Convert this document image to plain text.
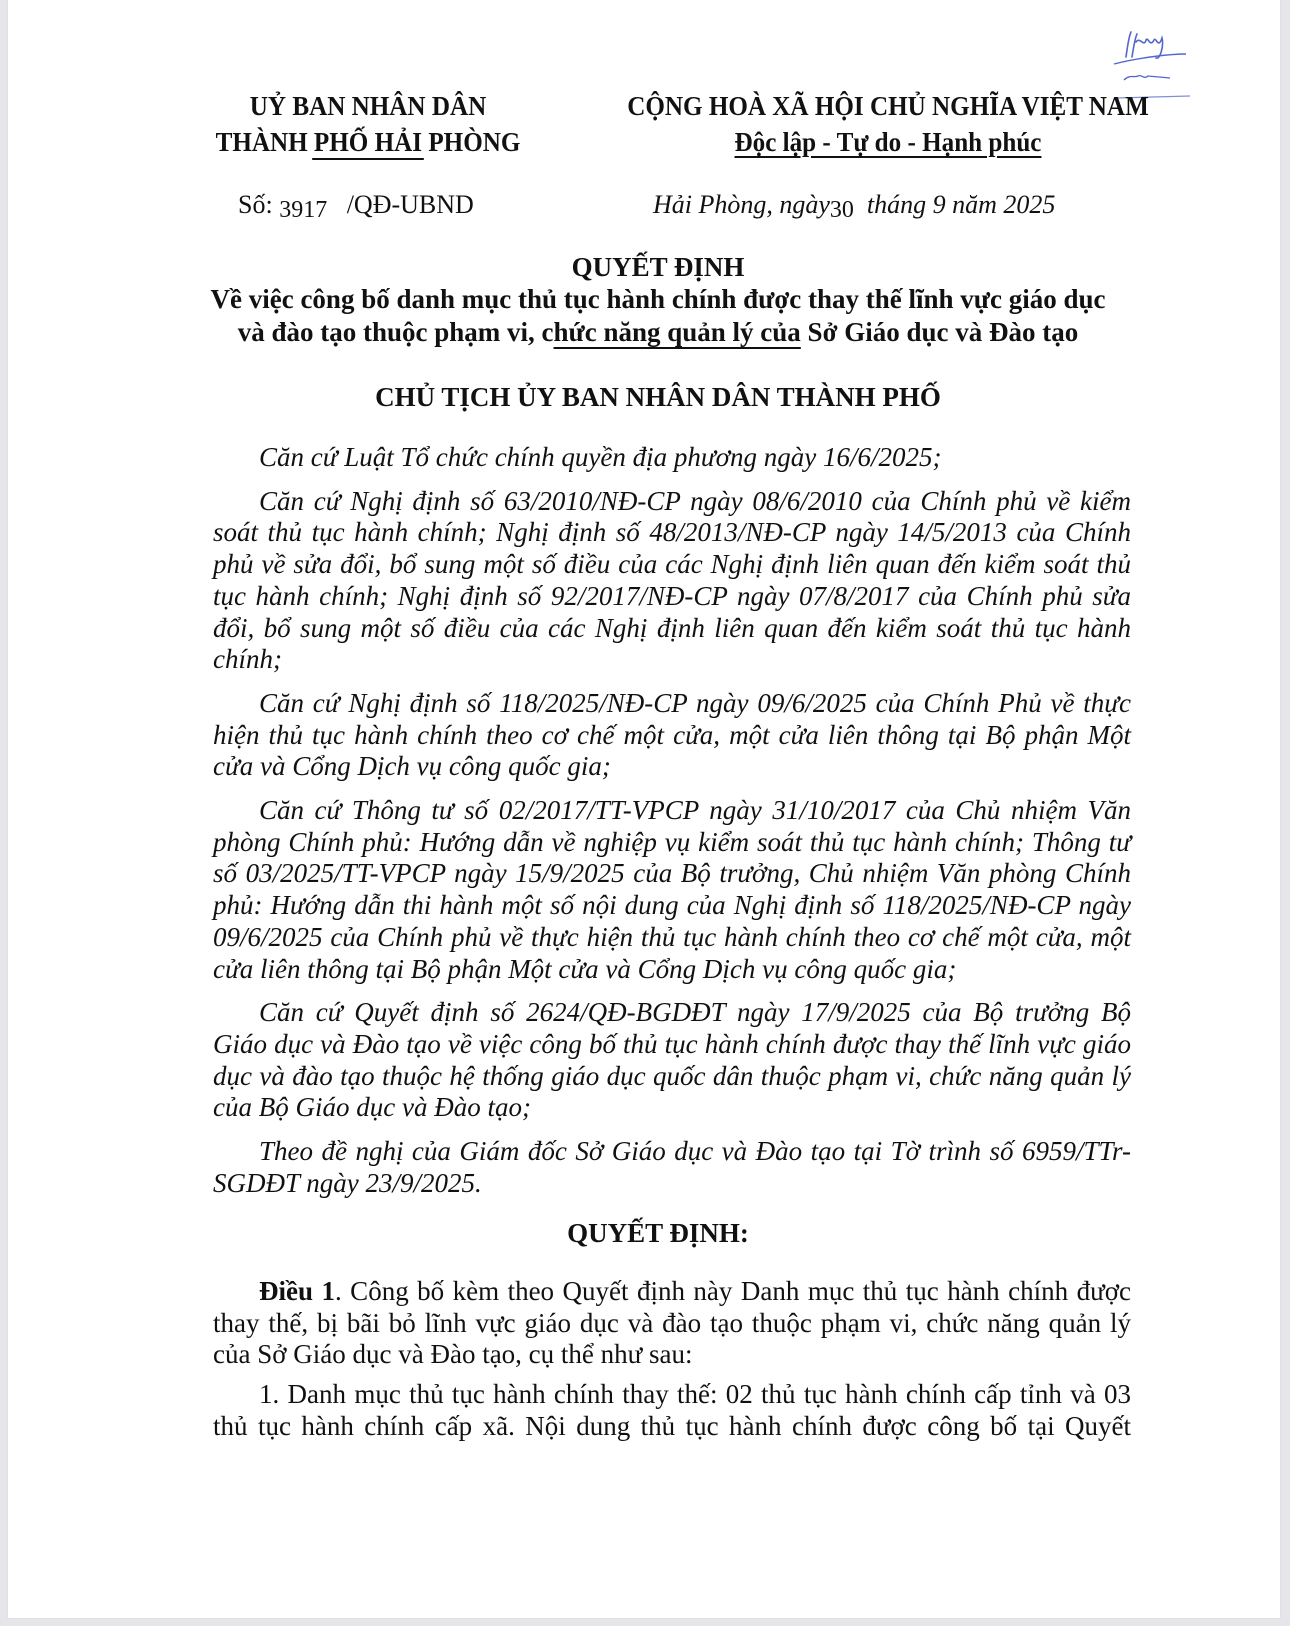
UỶ BAN NHÂN DÂN
THÀNH PHỐ HẢI PHÒNG
CỘNG HOÀ XÃ HỘI CHỦ NGHĨA VIỆT NAM
Độc lập - Tự do - Hạnh phúc
Số: 3917   /QĐ-UBND	Hải Phòng, ngày30  tháng 9 năm 2025
QUYẾT ĐỊNH
Về việc công bố danh mục thủ tục hành chính được thay thế lĩnh vực giáo dục
và đào tạo thuộc phạm vi, chức năng quản lý của Sở Giáo dục và Đào tạo
CHỦ TỊCH ỦY BAN NHÂN DÂN THÀNH PHỐ

Căn cứ Luật Tổ chức chính quyền địa phương ngày 16/6/2025;

Căn cứ Nghị định số 63/2010/NĐ-CP ngày 08/6/2010 của Chính phủ về kiểm soát thủ tục hành chính; Nghị định số 48/2013/NĐ-CP ngày 14/5/2013 của Chính phủ về sửa đổi, bổ sung một số điều của các Nghị định liên quan đến kiểm soát thủ tục hành chính; Nghị định số 92/2017/NĐ-CP ngày 07/8/2017 của Chính phủ sửa đổi, bổ sung một số điều của các Nghị định liên quan đến kiểm soát thủ tục hành chính;

Căn cứ Nghị định số 118/2025/NĐ-CP ngày 09/6/2025 của Chính Phủ về thực hiện thủ tục hành chính theo cơ chế một cửa, một cửa liên thông tại Bộ phận Một cửa và Cổng Dịch vụ công quốc gia;

Căn cứ Thông tư số 02/2017/TT-VPCP ngày 31/10/2017 của Chủ nhiệm Văn phòng Chính phủ: Hướng dẫn về nghiệp vụ kiểm soát thủ tục hành chính; Thông tư số 03/2025/TT-VPCP ngày 15/9/2025 của Bộ trưởng, Chủ nhiệm Văn phòng Chính phủ: Hướng dẫn thi hành một số nội dung của Nghị định số 118/2025/NĐ-CP ngày 09/6/2025 của Chính phủ về thực hiện thủ tục hành chính theo cơ chế một cửa, một cửa liên thông tại Bộ phận Một cửa và Cổng Dịch vụ công quốc gia;

Căn cứ Quyết định số 2624/QĐ-BGDĐT ngày 17/9/2025 của Bộ trưởng Bộ Giáo dục và Đào tạo về việc công bố thủ tục hành chính được thay thế lĩnh vực giáo dục và đào tạo thuộc hệ thống giáo dục quốc dân thuộc phạm vi, chức năng quản lý của Bộ Giáo dục và Đào tạo;

Theo đề nghị của Giám đốc Sở Giáo dục và Đào tạo tại Tờ trình số 6959/TTr-SGDĐT ngày 23/9/2025.

QUYẾT ĐỊNH:

Điều 1. Công bố kèm theo Quyết định này Danh mục thủ tục hành chính được thay thế, bị bãi bỏ lĩnh vực giáo dục và đào tạo thuộc phạm vi, chức năng quản lý của Sở Giáo dục và Đào tạo, cụ thể như sau:

1. Danh mục thủ tục hành chính thay thế: 02 thủ tục hành chính cấp tỉnh và 03 thủ tục hành chính cấp xã. Nội dung thủ tục hành chính được công bố tại Quyết
